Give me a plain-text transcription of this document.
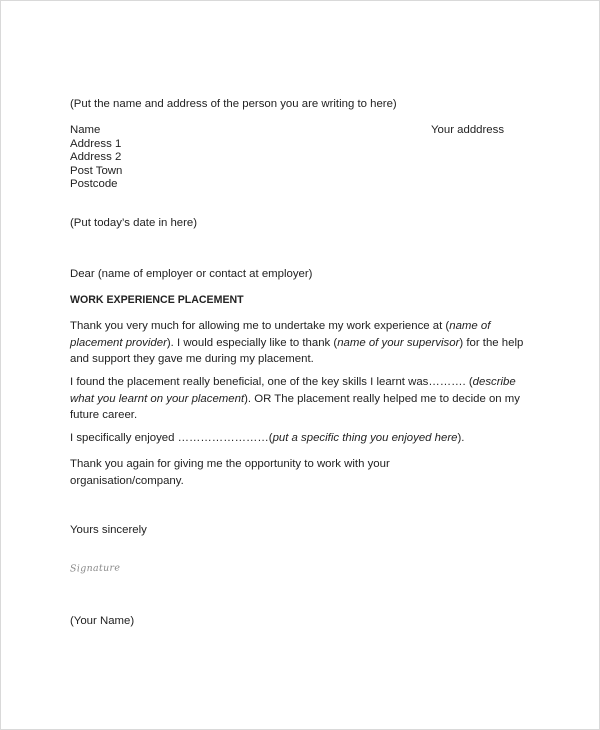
(Put the name and address of the person you are writing to here)
Name
Address 1
Address 2
Post Town
Postcode
Your adddress
(Put today’s date in here)
Dear (name of employer or contact at employer)
WORK EXPERIENCE PLACEMENT
Thank you very much for allowing me to undertake my work experience at (name of placement provider). I would especially like to thank (name of your supervisor) for the help and support they gave me during my placement.
I found the placement really beneficial, one of the key skills I learnt was………. (describe what you learnt on your placement). OR The placement really helped me to decide on my future career.
I specifically enjoyed ……………………(put a specific thing you enjoyed here).
Thank you again for giving me the opportunity to work with your organisation/company.
Yours sincerely
Signature
(Your Name)
